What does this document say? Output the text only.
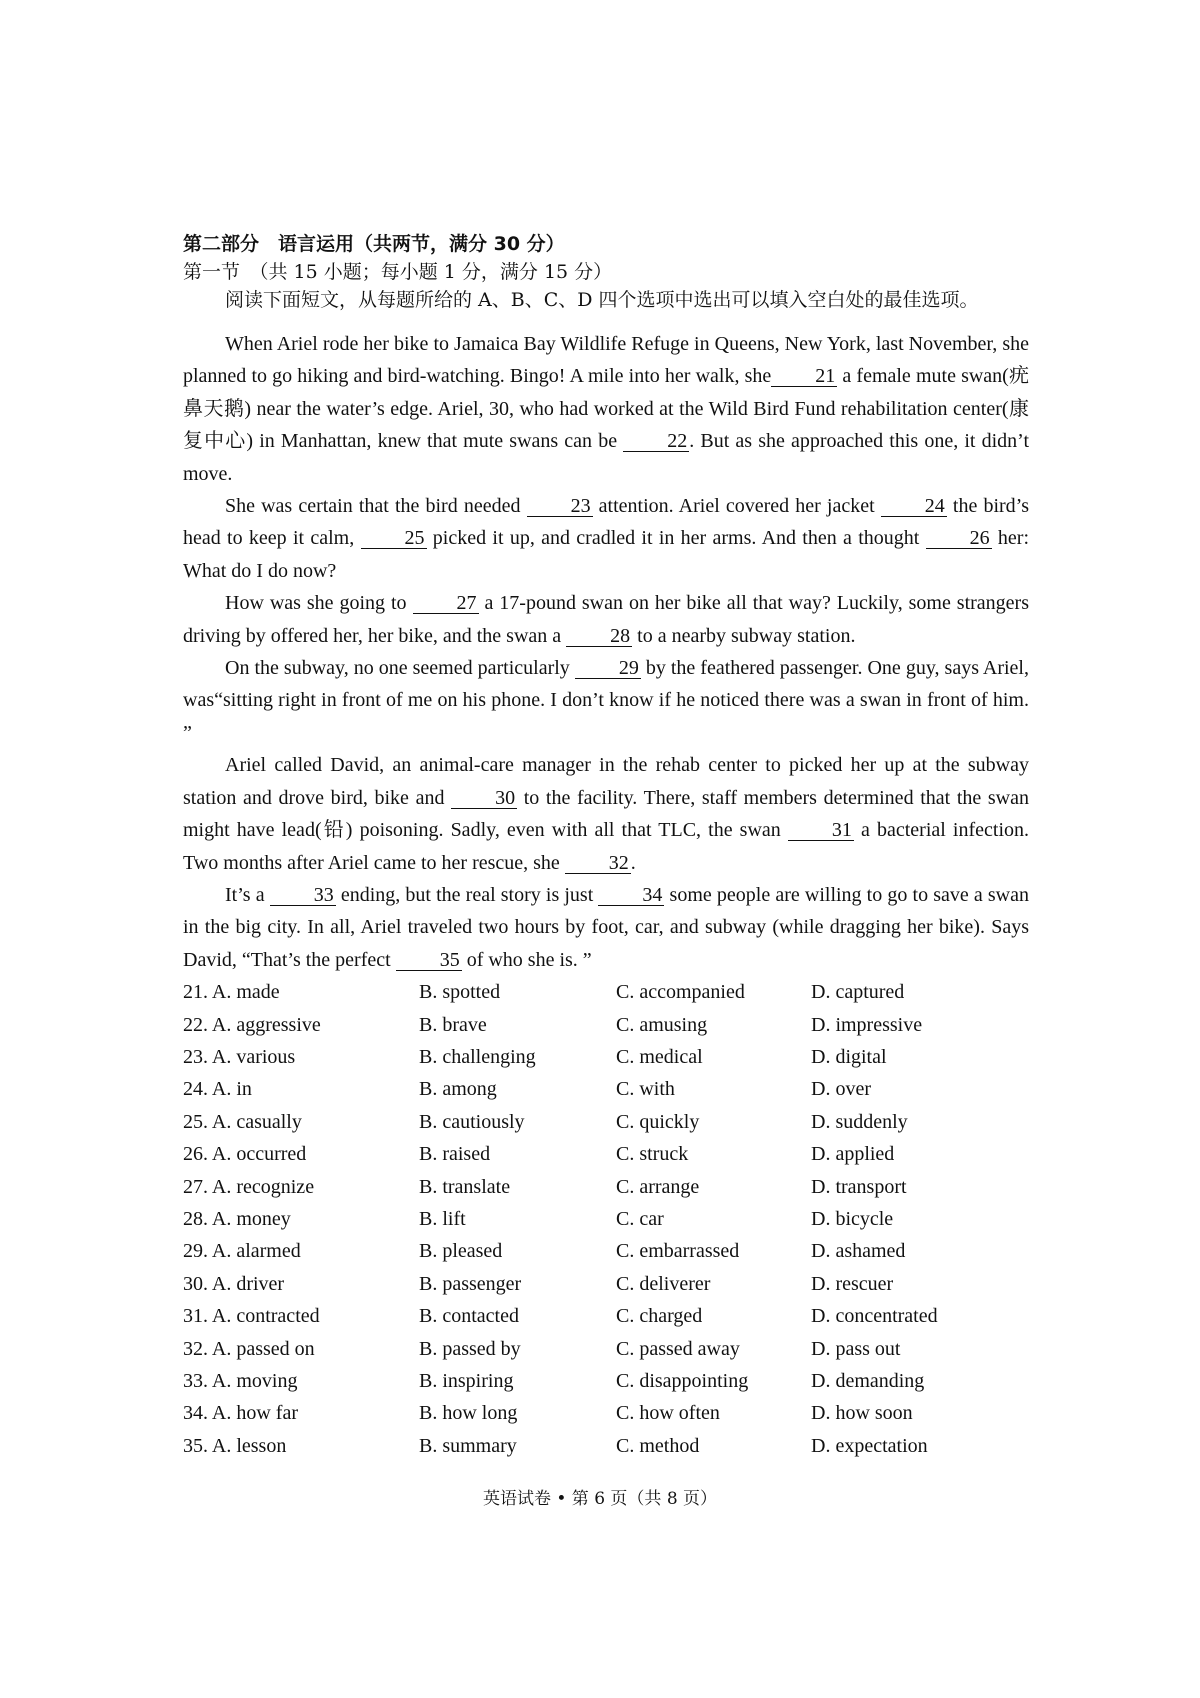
第二部分　语言运用（共两节，满分 30 分）

第一节　（共 15 小题；每小题 1 分，满分 15 分）

阅读下面短文，从每题所给的 A、B、C、D 四个选项中选出可以填入空白处的最佳选项。

When Ariel rode her bike to Jamaica Bay Wildlife Refuge in Queens, New York, last November, she planned to go hiking and bird-watching. Bingo! A mile into her walk, she 21 a female mute swan(疣鼻天鹅) near the water’s edge. Ariel, 30, who had worked at the Wild Bird Fund rehabilitation center(康复中心) in Manhattan, knew that mute swans can be 22 . But as she approached this one, it didn’t move.

She was certain that the bird needed 23 attention. Ariel covered her jacket 24 the bird’s head to keep it calm, 25 picked it up, and cradled it in her arms. And then a thought 26 her: What do I do now?

How was she going to 27 a 17-pound swan on her bike all that way? Luckily, some strangers driving by offered her, her bike, and the swan a 28 to a nearby subway station.

On the subway, no one seemed particularly 29 by the feathered passenger. One guy, says Ariel, was“sitting right in front of me on his phone. I don’t know if he noticed there was a swan in front of him. ”

Ariel called David, an animal-care manager in the rehab center to picked her up at the subway station and drove bird, bike and 30 to the facility. There, staff members determined that the swan might have lead(铅) poisoning. Sadly, even with all that TLC, the swan 31 a bacterial infection. Two months after Ariel came to her rescue, she 32 .

It’s a 33 ending, but the real story is just 34 some people are willing to go to save a swan in the big city. In all, Ariel traveled two hours by foot, car, and subway (while dragging her bike). Says David, “That’s the perfect 35 of who she is. ”

21. A. made	B. spotted	C. accompanied	D. captured
22. A. aggressive	B. brave	C. amusing	D. impressive
23. A. various	B. challenging	C. medical	D. digital
24. A. in	B. among	C. with	D. over
25. A. casually	B. cautiously	C. quickly	D. suddenly
26. A. occurred	B. raised	C. struck	D. applied
27. A. recognize	B. translate	C. arrange	D. transport
28. A. money	B. lift	C. car	D. bicycle
29. A. alarmed	B. pleased	C. embarrassed	D. ashamed
30. A. driver	B. passenger	C. deliverer	D. rescuer
31. A. contracted	B. contacted	C. charged	D. concentrated
32. A. passed on	B. passed by	C. passed away	D. pass out
33. A. moving	B. inspiring	C. disappointing	D. demanding
34. A. how far	B. how long	C. how often	D. how soon
35. A. lesson	B. summary	C. method	D. expectation
英语试卷 • 第 6 页（共 8 页）
